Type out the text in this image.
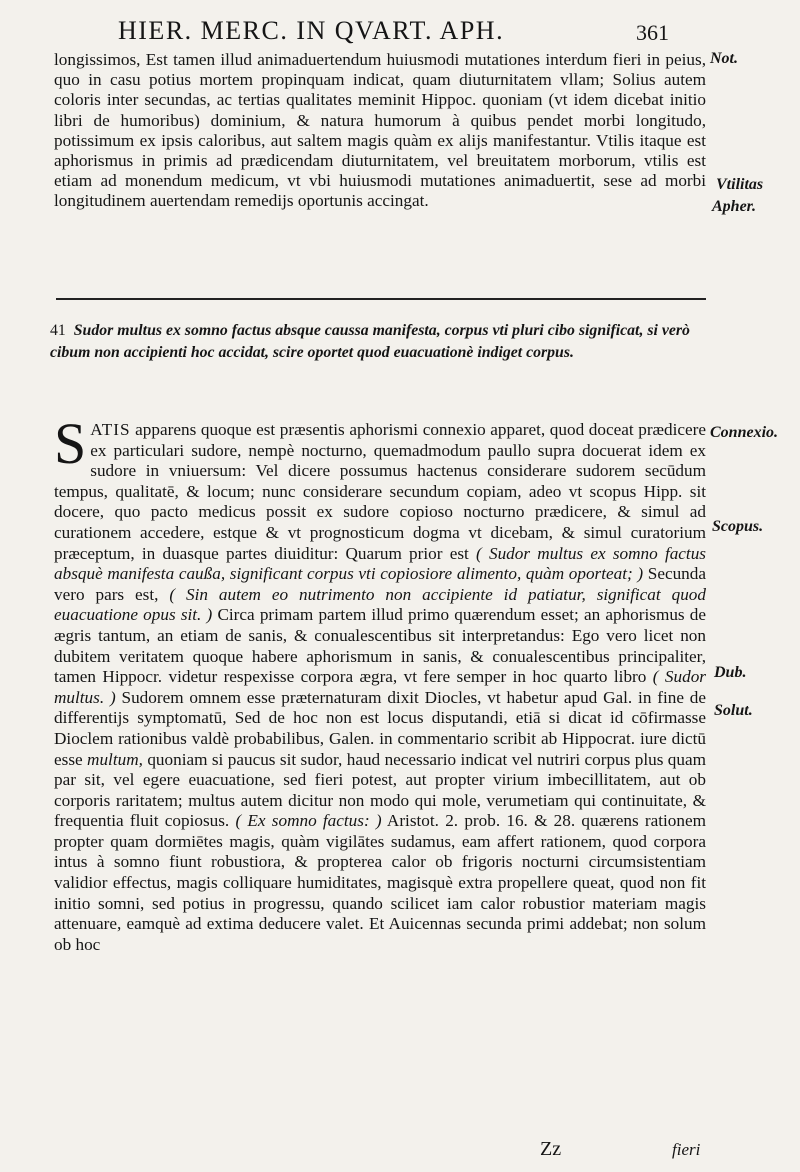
HIER. MERC. IN QVART. APH.	361

longissimos, Est tamen illud animaduertendum huiusmodi mutationes interdum fieri in peius, quo in casu potius mortem propinquam indicat, quam diuturnitatem vllam; Solius autem coloris inter secundas, ac tertias qualitates meminit Hippoc. quoniam (vt idem dicebat initio libri de humoribus) dominium, & natura humorum à quibus pendet morbi longitudo, potissimum ex ipsis caloribus, aut saltem magis quàm ex alijs manifestantur. Vtilis itaque est aphorismus in primis ad prædicendam diuturnitatem, vel breuitatem morborum, vtilis est etiam ad monendum medicum, vt vbi huiusmodi mutationes animaduertit, sese ad morbi longitudinem auertendam remedijs oportunis accingat.

41 Sudor multus ex somno factus absque caussa manifesta, corpus vti pluri cibo significat, si verò cibum non accipienti hoc accidat, scire oportet quod euacuationè indiget corpus.
SATIS apparens quoque est præsentis aphorismi connexio apparet, quod doceat prædicere ex particulari sudore, nempè nocturno, quemadmodum paullo supra docuerat idem ex sudore in vniuersum: Vel dicere possumus hactenus considerare sudorem secūdum tempus, qualitatē, & locum; nunc considerare secundum copiam, adeo vt scopus Hipp. sit docere, quo pacto medicus possit ex sudore copioso nocturno prædicere, & simul ad curationem accedere, estque & vt prognosticum dogma vt dicebam, & simul curatorium præceptum, in duasque partes diuiditur: Quarum prior est ( Sudor multus ex somno factus absquè manifesta caußa, significant corpus vti copiosiore alimento, quàm oporteat; ) Secunda vero pars est, ( Sin autem eo nutrimento non accipiente id patiatur, significat quod euacuatione opus sit. ) Circa primam partem illud primo quærendum esset; an aphorismus de ægris tantum, an etiam de sanis, & conualescentibus sit interpretandus: Ego vero licet non dubitem veritatem quoque habere aphorismum in sanis, & conualescentibus principaliter, tamen Hippocr. videtur respexisse corpora ægra, vt fere semper in hoc quarto libro ( Sudor multus. ) Sudorem omnem esse præternaturam dixit Diocles, vt habetur apud Gal. in fine de differentijs symptomatū, Sed de hoc non est locus disputandi, etiā si dicat id cōfirmasse Dioclem rationibus valdè probabilibus, Galen. in commentario scribit ab Hippocrat. iure dictū esse multum, quoniam si paucus sit sudor, haud necessario indicat vel nutriri corpus plus quam par sit, vel egere euacuatione, sed fieri potest, aut propter virium imbecillitatem, aut ob corporis raritatem; multus autem dicitur non modo qui mole, verumetiam qui continuitate, & frequentia fluit copiosus. ( Ex somno factus: ) Aristot. 2. prob. 16. & 28. quærens rationem propter quam dormiētes magis, quàm vigilātes sudamus, eam affert rationem, quod corpora intus à somno fiunt robustiora, & propterea calor ob frigoris nocturni circumsistentiam validior effectus, magis colliquare humiditates, magisquè extra propellere queat, quod non fit initio somni, sed potius in progressu, quando scilicet iam calor robustior materiam magis attenuare, eamquè ad extima deducere valet. Et Auicennas secunda primi addebat; non solum ob hoc
Not.
Vtilitas
Apher.
Connexio.
Scopus.
Dub.
Solut.
Zz	fieri
